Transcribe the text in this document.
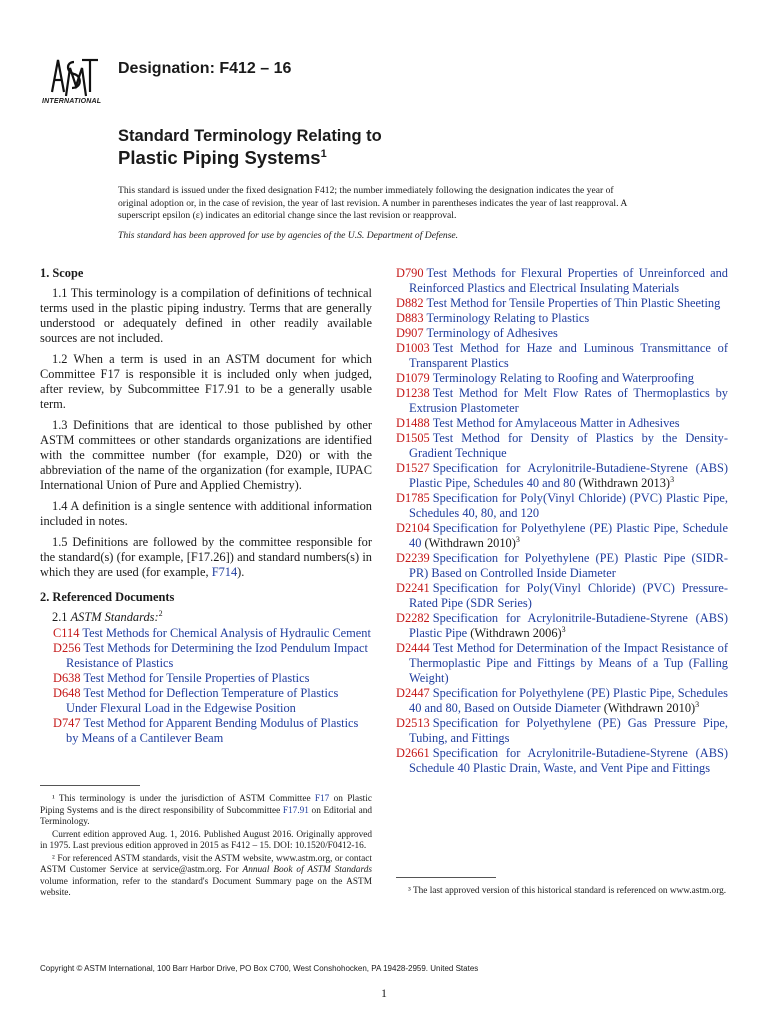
INTERNATIONAL
Designation: F412 – 16
Standard Terminology Relating to
Plastic Piping Systems$^1$
This standard is issued under the fixed designation F412; the number immediately following the designation indicates the year of original adoption or, in the case of revision, the year of last revision. A number in parentheses indicates the year of last reapproval. A superscript epsilon (ε) indicates an editorial change since the last revision or reapproval.
This standard has been approved for use by agencies of the U.S. Department of Defense.
1. Scope

1.1 This terminology is a compilation of definitions of technical terms used in the plastic piping industry. Terms that are generally understood or adequately defined in other readily available sources are not included.

1.2 When a term is used in an ASTM document for which Committee F17 is responsible it is included only when judged, after review, by Subcommittee F17.91 to be a generally usable term.

1.3 Definitions that are identical to those published by other ASTM committees or other standards organizations are identified with the committee number (for example, D20) or with the abbreviation of the name of the organization (for example, IUPAC International Union of Pure and Applied Chemistry).

1.4 A definition is a single sentence with additional information included in notes.

1.5 Definitions are followed by the committee responsible for the standard(s) (for example, [F17.26]) and standard numbers(s) in which they are used (for example, F714).

2. Referenced Documents
2.1 ASTM Standards:$^2$
C114 Test Methods for Chemical Analysis of Hydraulic Cement
D256 Test Methods for Determining the Izod Pendulum Impact Resistance of Plastics
D638 Test Method for Tensile Properties of Plastics
D648 Test Method for Deflection Temperature of Plastics Under Flexural Load in the Edgewise Position
D747 Test Method for Apparent Bending Modulus of Plastics by Means of a Cantilever Beam
D790 Test Methods for Flexural Properties of Unreinforced and Reinforced Plastics and Electrical Insulating Materials
D882 Test Method for Tensile Properties of Thin Plastic Sheeting
D883 Terminology Relating to Plastics
D907 Terminology of Adhesives
D1003 Test Method for Haze and Luminous Transmittance of Transparent Plastics
D1079 Terminology Relating to Roofing and Waterproofing
D1238 Test Method for Melt Flow Rates of Thermoplastics by Extrusion Plastometer
D1488 Test Method for Amylaceous Matter in Adhesives
D1505 Test Method for Density of Plastics by the Density-Gradient Technique
D1527 Specification for Acrylonitrile-Butadiene-Styrene (ABS) Plastic Pipe, Schedules 40 and 80 (Withdrawn 2013)$^3$
D1785 Specification for Poly(Vinyl Chloride) (PVC) Plastic Pipe, Schedules 40, 80, and 120
D2104 Specification for Polyethylene (PE) Plastic Pipe, Schedule 40 (Withdrawn 2010)$^3$
D2239 Specification for Polyethylene (PE) Plastic Pipe (SIDR-PR) Based on Controlled Inside Diameter
D2241 Specification for Poly(Vinyl Chloride) (PVC) Pressure-Rated Pipe (SDR Series)
D2282 Specification for Acrylonitrile-Butadiene-Styrene (ABS) Plastic Pipe (Withdrawn 2006)$^3$
D2444 Test Method for Determination of the Impact Resistance of Thermoplastic Pipe and Fittings by Means of a Tup (Falling Weight)
D2447 Specification for Polyethylene (PE) Plastic Pipe, Schedules 40 and 80, Based on Outside Diameter (Withdrawn 2010)$^3$
D2513 Specification for Polyethylene (PE) Gas Pressure Pipe, Tubing, and Fittings
D2661 Specification for Acrylonitrile-Butadiene-Styrene (ABS) Schedule 40 Plastic Drain, Waste, and Vent Pipe and Fittings

¹ This terminology is under the jurisdiction of ASTM Committee F17 on Plastic Piping Systems and is the direct responsibility of Subcommittee F17.91 on Editorial and Terminology.

Current edition approved Aug. 1, 2016. Published August 2016. Originally approved in 1975. Last previous edition approved in 2015 as F412 – 15. DOI: 10.1520/F0412-16.

² For referenced ASTM standards, visit the ASTM website, www.astm.org, or contact ASTM Customer Service at service@astm.org. For Annual Book of ASTM Standards volume information, refer to the standard's Document Summary page on the ASTM website.	³ The last approved version of this historical standard is referenced on www.astm.org.
Copyright © ASTM International, 100 Barr Harbor Drive, PO Box C700, West Conshohocken, PA 19428-2959. United States
1
